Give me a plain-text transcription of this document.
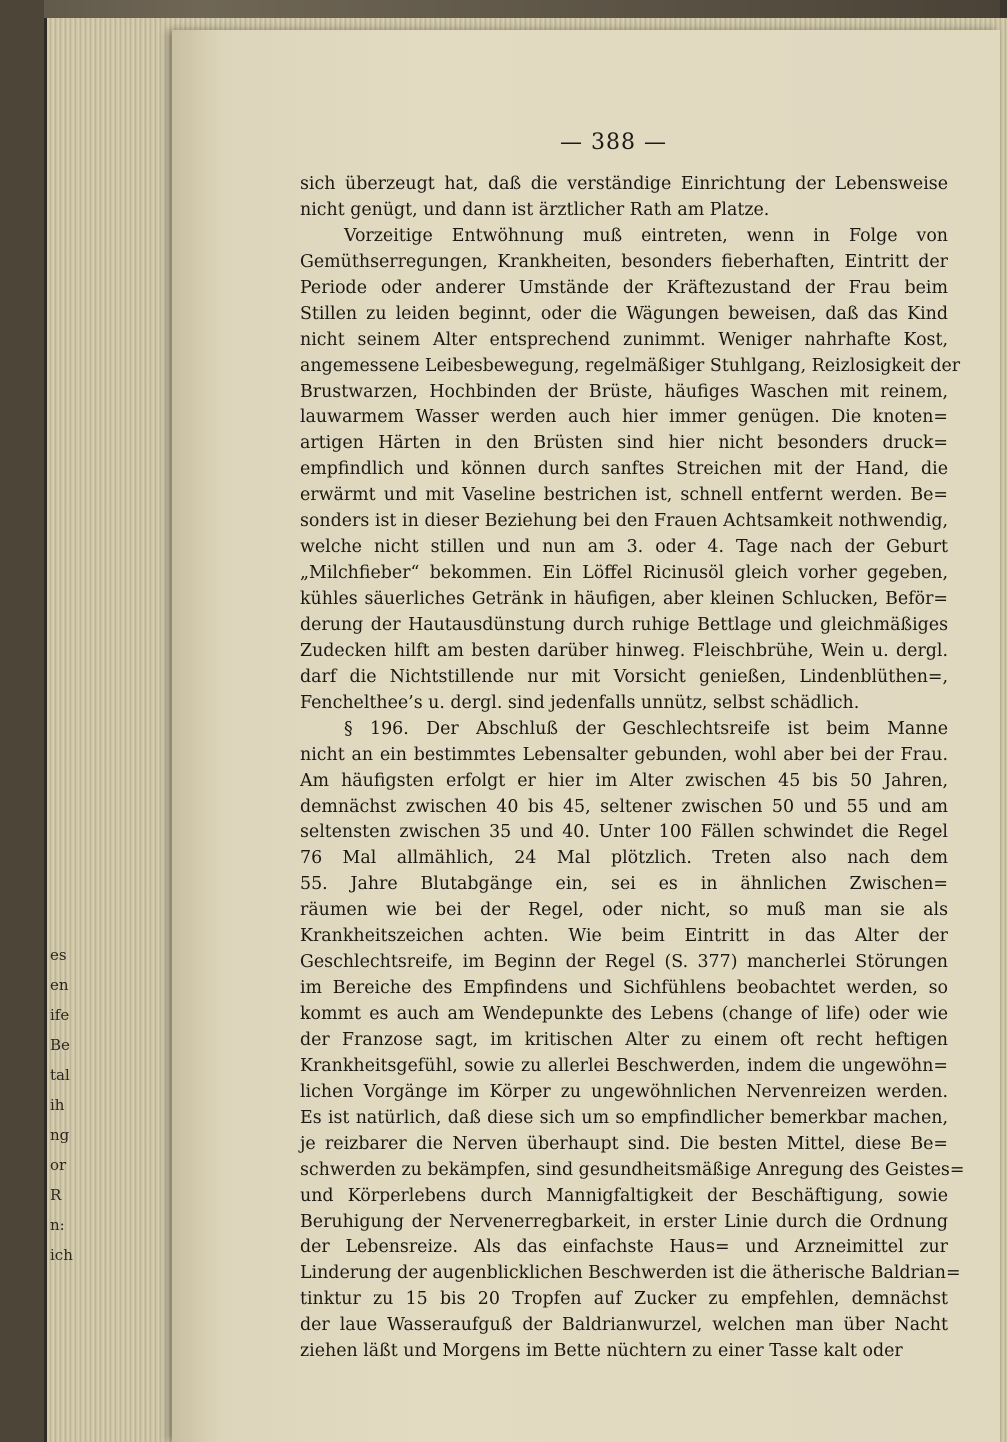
es
en
ife
Be
tal
ih
ng
or
R
n:
ich
— 388 —
sich überzeugt hat, daß die verständige Einrichtung der Lebensweise
nicht genügt, und dann ist ärztlicher Rath am Platze.
Vorzeitige Entwöhnung muß eintreten, wenn in Folge von
Gemüthserregungen, Krankheiten, besonders fieberhaften, Eintritt der
Periode oder anderer Umstände der Kräftezustand der Frau beim
Stillen zu leiden beginnt, oder die Wägungen beweisen, daß das Kind
nicht seinem Alter entsprechend zunimmt. Weniger nahrhafte Kost,
angemessene Leibesbewegung, regelmäßiger Stuhlgang, Reizlosigkeit der
Brustwarzen, Hochbinden der Brüste, häufiges Waschen mit reinem,
lauwarmem Wasser werden auch hier immer genügen. Die knoten=
artigen Härten in den Brüsten sind hier nicht besonders druck=
empfindlich und können durch sanftes Streichen mit der Hand, die
erwärmt und mit Vaseline bestrichen ist, schnell entfernt werden. Be=
sonders ist in dieser Beziehung bei den Frauen Achtsamkeit nothwendig,
welche nicht stillen und nun am 3. oder 4. Tage nach der Geburt
„Milchfieber“ bekommen. Ein Löffel Ricinusöl gleich vorher gegeben,
kühles säuerliches Getränk in häufigen, aber kleinen Schlucken, Beför=
derung der Hautausdünstung durch ruhige Bettlage und gleichmäßiges
Zudecken hilft am besten darüber hinweg. Fleischbrühe, Wein u. dergl.
darf die Nichtstillende nur mit Vorsicht genießen, Lindenblüthen=,
Fenchelthee’s u. dergl. sind jedenfalls unnütz, selbst schädlich.
§ 196. Der Abschluß der Geschlechtsreife ist beim Manne
nicht an ein bestimmtes Lebensalter gebunden, wohl aber bei der Frau.
Am häufigsten erfolgt er hier im Alter zwischen 45 bis 50 Jahren,
demnächst zwischen 40 bis 45, seltener zwischen 50 und 55 und am
seltensten zwischen 35 und 40. Unter 100 Fällen schwindet die Regel
76 Mal allmählich, 24 Mal plötzlich. Treten also nach dem
55. Jahre Blutabgänge ein, sei es in ähnlichen Zwischen=
räumen wie bei der Regel, oder nicht, so muß man sie als
Krankheitszeichen achten. Wie beim Eintritt in das Alter der
Geschlechtsreife, im Beginn der Regel (S. 377) mancherlei Störungen
im Bereiche des Empfindens und Sichfühlens beobachtet werden, so
kommt es auch am Wendepunkte des Lebens (change of life) oder wie
der Franzose sagt, im kritischen Alter zu einem oft recht heftigen
Krankheitsgefühl, sowie zu allerlei Beschwerden, indem die ungewöhn=
lichen Vorgänge im Körper zu ungewöhnlichen Nervenreizen werden.
Es ist natürlich, daß diese sich um so empfindlicher bemerkbar machen,
je reizbarer die Nerven überhaupt sind. Die besten Mittel, diese Be=
schwerden zu bekämpfen, sind gesundheitsmäßige Anregung des Geistes=
und Körperlebens durch Mannigfaltigkeit der Beschäftigung, sowie
Beruhigung der Nervenerregbarkeit, in erster Linie durch die Ordnung
der Lebensreize. Als das einfachste Haus= und Arzneimittel zur
Linderung der augenblicklichen Beschwerden ist die ätherische Baldrian=
tinktur zu 15 bis 20 Tropfen auf Zucker zu empfehlen, demnächst
der laue Wasseraufguß der Baldrianwurzel, welchen man über Nacht
ziehen läßt und Morgens im Bette nüchtern zu einer Tasse kalt oder
